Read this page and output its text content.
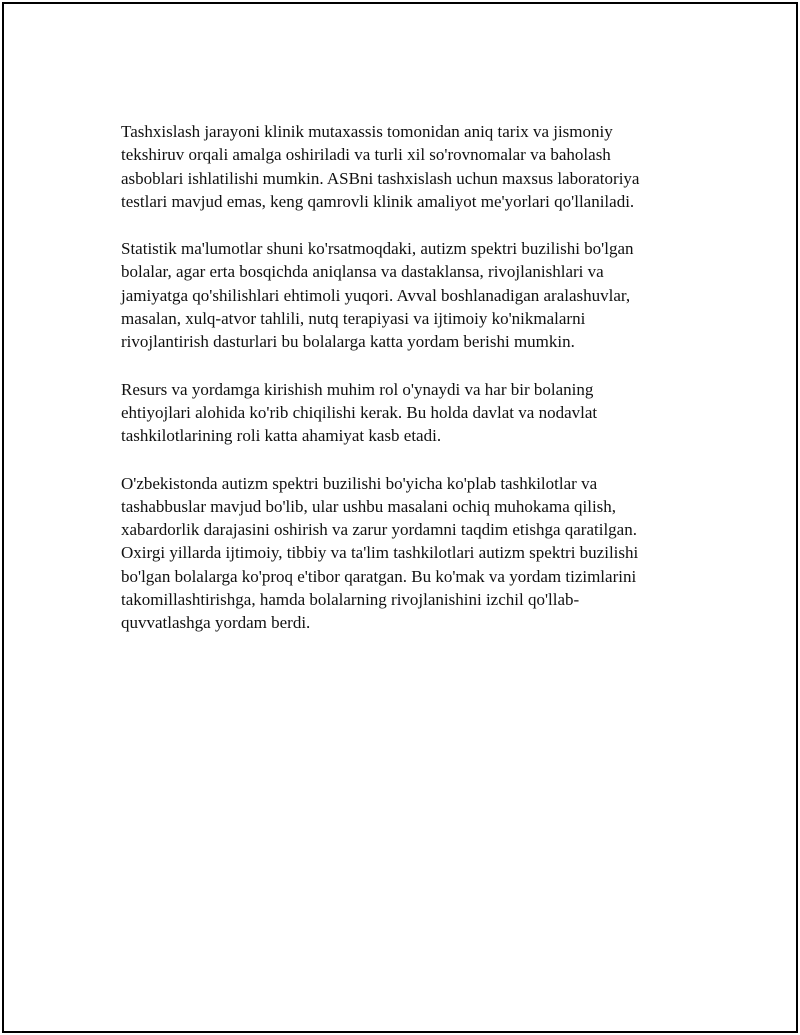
Tashxislash jarayoni klinik mutaxassis tomonidan aniq tarix va jismoniy
tekshiruv orqali amalga oshiriladi va turli xil so'rovnomalar va baholash
asboblari ishlatilishi mumkin. ASBni tashxislash uchun maxsus laboratoriya
testlari mavjud emas, keng qamrovli klinik amaliyot me'yorlari qo'llaniladi.

Statistik ma'lumotlar shuni ko'rsatmoqdaki, autizm spektri buzilishi bo'lgan
bolalar, agar erta bosqichda aniqlansa va dastaklansa, rivojlanishlari va
jamiyatga qo'shilishlari ehtimoli yuqori. Avval boshlanadigan aralashuvlar,
masalan, xulq-atvor tahlili, nutq terapiyasi va ijtimoiy ko'nikmalarni
rivojlantirish dasturlari bu bolalarga katta yordam berishi mumkin.

Resurs va yordamga kirishish muhim rol o'ynaydi va har bir bolaning
ehtiyojlari alohida ko'rib chiqilishi kerak. Bu holda davlat va nodavlat
tashkilotlarining roli katta ahamiyat kasb etadi.

O'zbekistonda autizm spektri buzilishi bo'yicha ko'plab tashkilotlar va
tashabbuslar mavjud bo'lib, ular ushbu masalani ochiq muhokama qilish,
xabardorlik darajasini oshirish va zarur yordamni taqdim etishga qaratilgan.
Oxirgi yillarda ijtimoiy, tibbiy va ta'lim tashkilotlari autizm spektri buzilishi
bo'lgan bolalarga ko'proq e'tibor qaratgan. Bu ko'mak va yordam tizimlarini
takomillashtirishga, hamda bolalarning rivojlanishini izchil qo'llab-
quvvatlashga yordam berdi.
